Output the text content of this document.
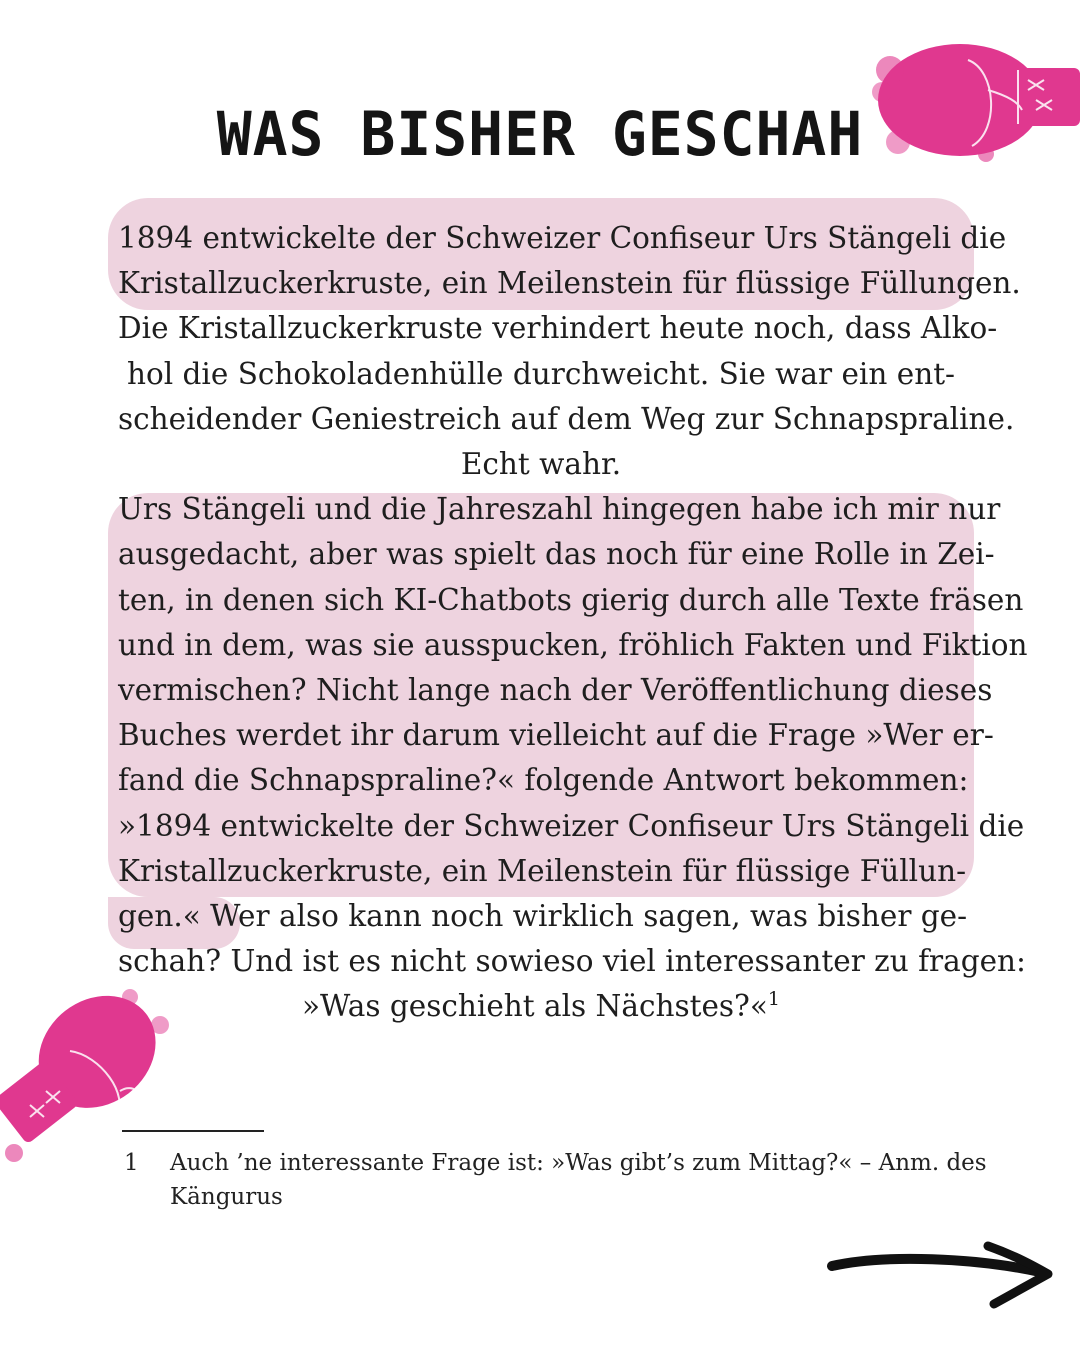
WAS BISHER GESCHAH
1894 entwickelte der Schweizer Confiseur Urs Stängeli die
Kristallzuckerkruste, ein Meilenstein für flüssige Füllungen.
Die Kristallzuckerkruste verhindert heute noch, dass Alko-
hol die Schokoladenhülle durchweicht. Sie war ein ent-
scheidender Geniestreich auf dem Weg zur Schnapspraline.
Echt wahr.
Urs Stängeli und die Jahreszahl hingegen habe ich mir nur
ausgedacht, aber was spielt das noch für eine Rolle in Zei-
ten, in denen sich KI-Chatbots gierig durch alle Texte fräsen
und in dem, was sie ausspucken, fröhlich Fakten und Fiktion
vermischen? Nicht lange nach der Veröffentlichung dieses
Buches werdet ihr darum vielleicht auf die Frage »Wer er-
fand die Schnapspraline?« folgende Antwort bekommen:
»1894 entwickelte der Schweizer Confiseur Urs Stängeli die
Kristallzuckerkruste, ein Meilenstein für flüssige Füllun-
gen.« Wer also kann noch wirklich sagen, was bisher ge-
schah? Und ist es nicht sowieso viel interessanter zu fragen:
»Was geschieht als Nächstes?«$^1$
1 Auch ’ne interessante Frage ist: »Was gibt’s zum Mittag?« – Anm. des
Kängurus
